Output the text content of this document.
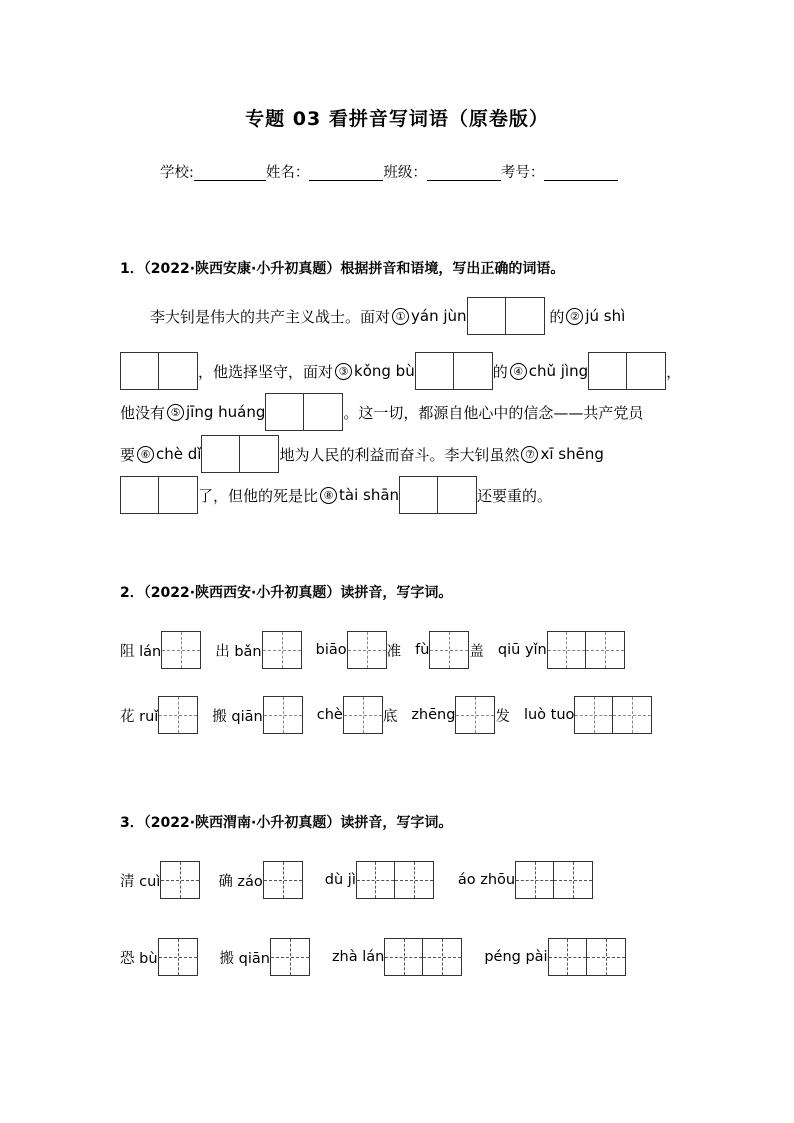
专题 03 看拼音写词语（原卷版）
学校:	姓名：	班级：	考号：
1．（2022·陕西安康·小升初真题）根据拼音和语境，写出正确的词语。
李大钊是伟大的共产主义战士。面对 ① yán jùn	的 ② jú shì
，他选择坚守，面对 ③ kǒng bù	的 ④ chǔ jìng	，
他没有 ⑤ jīng huáng	。这一切，都源自他心中的信念——共产党员
要 ⑥ chè dǐ	地为人民的利益而奋斗。李大钊虽然 ⑦ xī shēng
了，但他的死是比 ⑧ tài shān	还要重的。
2．（2022·陕西西安·小升初真题）读拼音，写字词。
阻 lán	出 bǎn	biāo	准 fù	盖 qiū yǐn
花 ruǐ	搬 qiān	chè	底 zhēng	发 luò tuo
3．（2022·陕西渭南·小升初真题）读拼音，写字词。
清 cuì	确 záo	dù jì	áo zhōu
恐 bù	搬 qiān	zhà lán	péng pài
